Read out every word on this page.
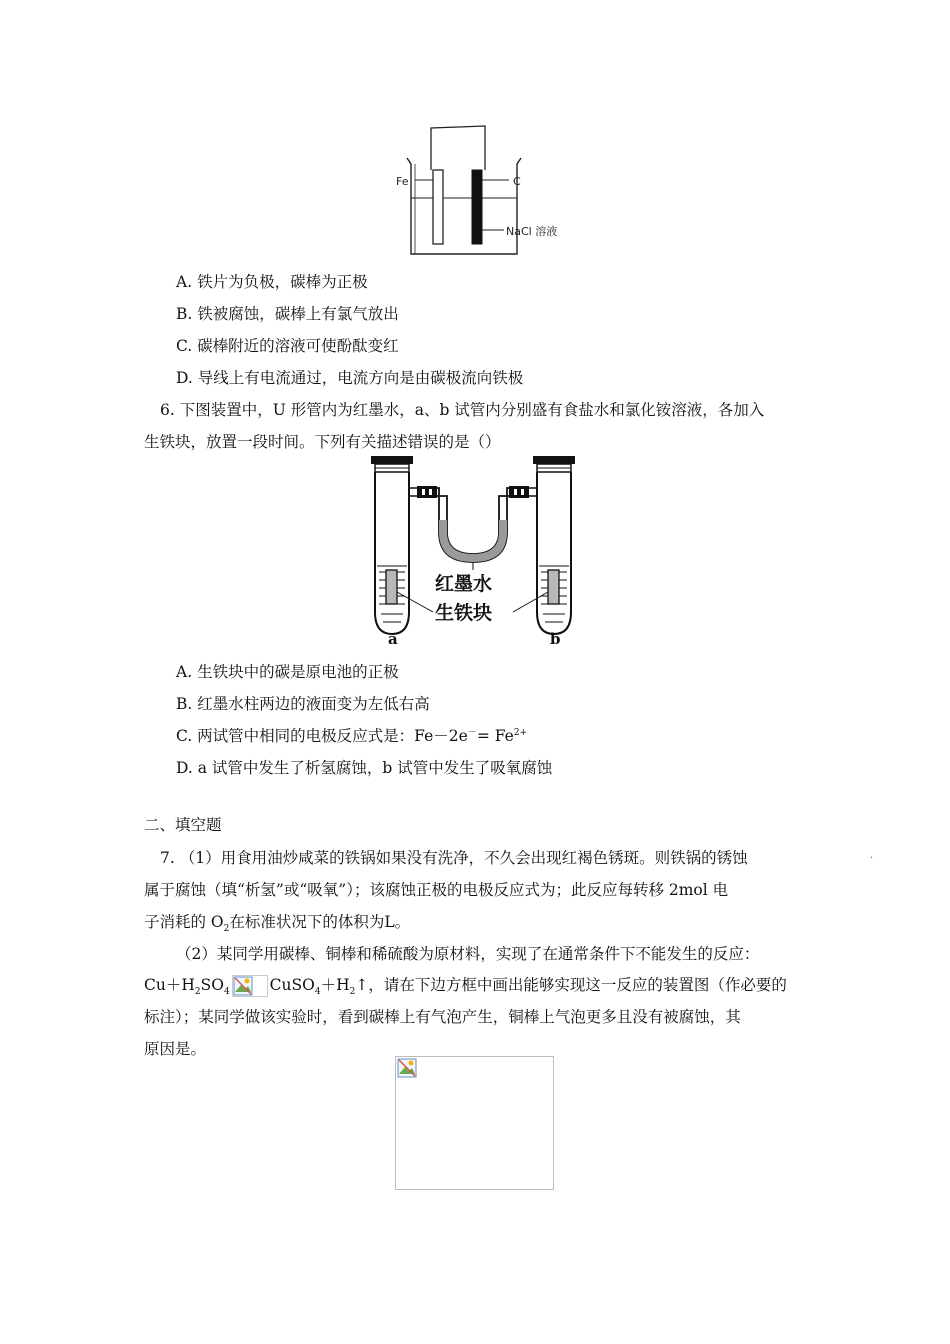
Fe	C
NaCl 溶液
A. 铁片为负极，碳棒为正极
B. 铁被腐蚀，碳棒上有氯气放出
C. 碳棒附近的溶液可使酚酞变红
D. 导线上有电流通过，电流方向是由碳极流向铁极
6. 下图装置中，U 形管内为红墨水，a、b 试管内分别盛有食盐水和氯化铵溶液，各加入
生铁块，放置一段时间。下列有关描述错误的是（）
红墨水
生铁块
a	b
A. 生铁块中的碳是原电池的正极
B. 红墨水柱两边的液面变为左低右高
C. 两试管中相同的电极反应式是：$Fe-2e^-= Fe^{2+}$
D. a 试管中发生了析氢腐蚀，b 试管中发生了吸氧腐蚀
二、填空题
7. （1）用食用油炒咸菜的铁锅如果没有洗净，不久会出现红褐色锈斑。则铁锅的锈蚀	.
属于腐蚀（填“析氢”或“吸氧”）；该腐蚀正极的电极反应式为；此反应每转移 2mol 电
子消耗的 $O_2$在标准状况下的体积为L。
（2）某同学用碳棒、铜棒和稀硫酸为原材料，实现了在通常条件下不能发生的反应：
$Cu+H_2SO_4$	$CuSO_4+H_2↑$，请在下边方框中画出能够实现这一反应的装置图（作必要的
标注）；某同学做该实验时，看到碳棒上有气泡产生，铜棒上气泡更多且没有被腐蚀，其
原因是。
